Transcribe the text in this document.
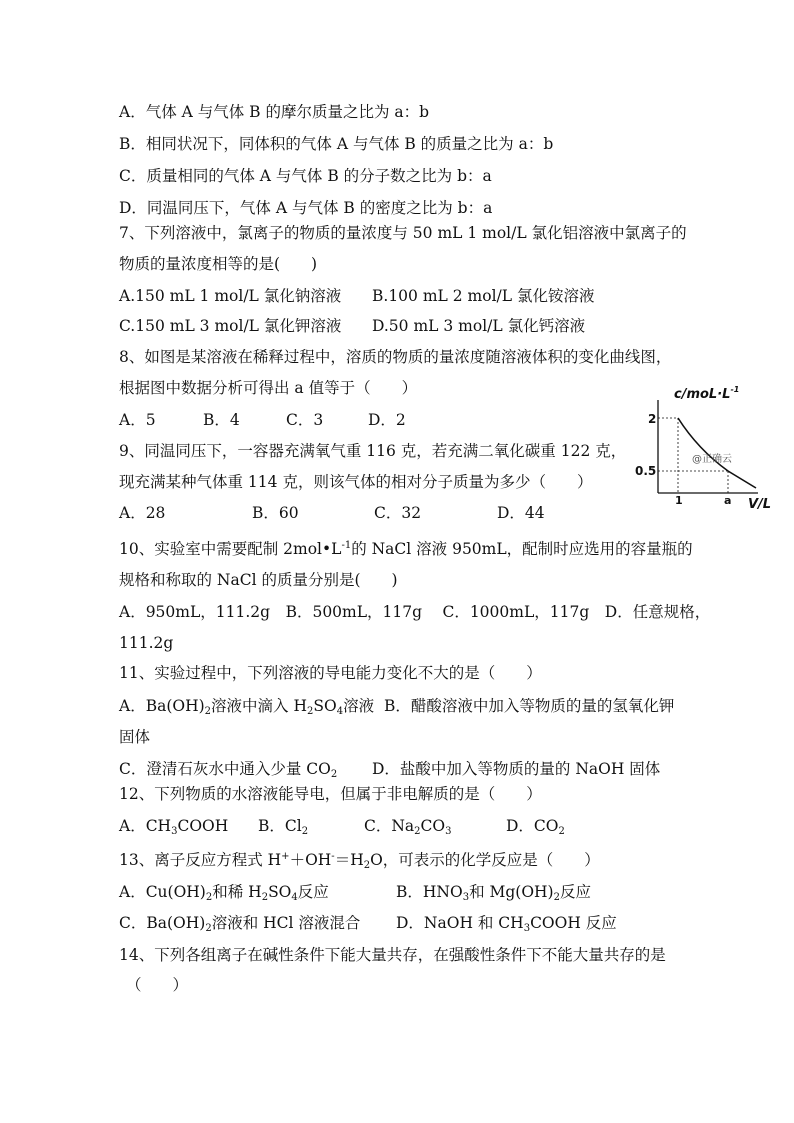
A．气体 A 与气体 B 的摩尔质量之比为 a：b
B．相同状况下，同体积的气体 A 与气体 B 的质量之比为 a：b
C．质量相同的气体 A 与气体 B 的分子数之比为 b：a
D．同温同压下，气体 A 与气体 B 的密度之比为 b：a
7、下列溶液中，氯离子的物质的量浓度与 50 mL 1 mol/L 氯化铝溶液中氯离子的
物质的量浓度相等的是(　　)
A.150 mL 1 mol/L 氯化钠溶液 B.100 mL 2 mol/L 氯化铵溶液
C.150 mL 3 mol/L 氯化钾溶液 D.50 mL 3 mol/L 氯化钙溶液
8、如图是某溶液在稀释过程中，溶质的物质的量浓度随溶液体积的变化曲线图，
根据图中数据分析可得出 a 值等于（　　）
A．5	B．4	C．3	D．2
$c/moL\cdot L^{-1}$
2
0.5
1	a V/L
@正确云
9、同温同压下，一容器充满氧气重 116 克，若充满二氧化碳重 122 克，
现充满某种气体重 114 克，则该气体的相对分子质量为多少（　　）
A．28	B．60	C．32	D．44
10、实验室中需要配制 $2mol•L^{-1}$的 NaCl 溶液 950mL，配制时应选用的容量瓶的
规格和称取的 NaCl 的质量分别是(　　)
A．950mL，111.2g　B．500mL，117g　 C．1000mL，117g　D．任意规格，
111.2g
11、实验过程中，下列溶液的导电能力变化不大的是（　　）
A．$Ba(OH)_2$溶液中滴入 $H_2SO_4$溶液 B．醋酸溶液中加入等物质的量的氢氧化钾
固体
C．澄清石灰水中通入少量 $CO_2$ D．盐酸中加入等物质的量的 NaOH 固体
12、下列物质的水溶液能导电，但属于非电解质的是（　　）
A．$CH_3COOH$ B．$Cl_2$	C．$Na_2CO_3$	D．$CO_2$
13、离子反应方程式 $H^++OH^-=H_2O$，可表示的化学反应是（　　）
A．$Cu(OH)_2$和稀 $H_2SO_4$反应	B．$HNO_3$和 $Mg(OH)_2$反应
C．$Ba(OH)_2$溶液和 HCl 溶液混合 D．NaOH 和 $CH_3COOH$ 反应
14、下列各组离子在碱性条件下能大量共存，在强酸性条件下不能大量共存的是
（　　）
